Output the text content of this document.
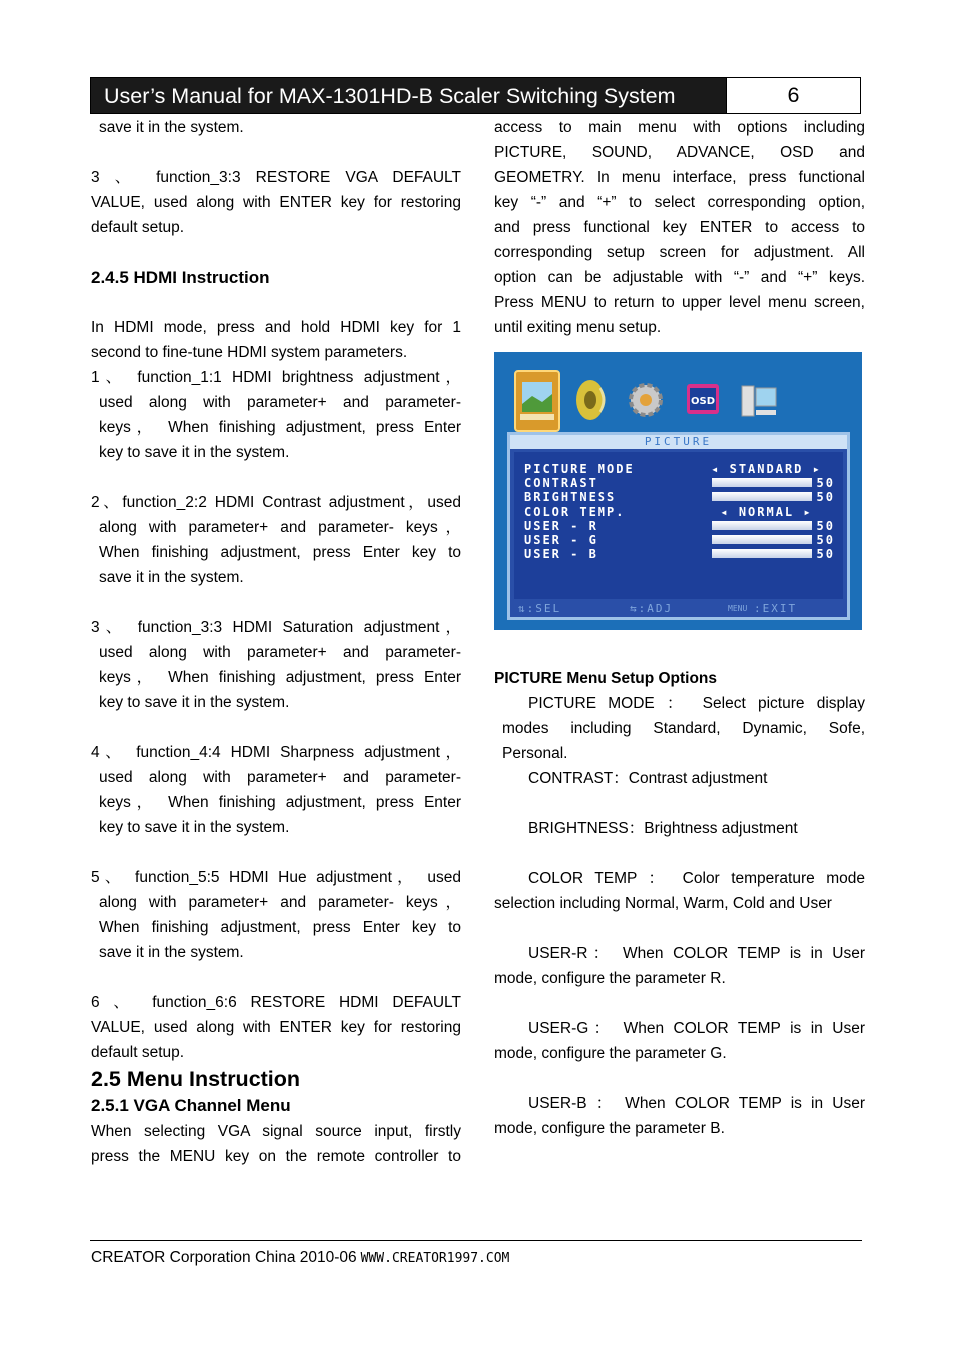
User’s Manual for MAX-1301HD-B Scaler Switching System	6

save it in the system.

3 、 function_3:3 RESTORE VGA DEFAULT

VALUE, used along with ENTER key for restoring

default setup.

2.4.5 HDMI Instruction

In HDMI mode, press and hold HDMI key for 1

second to fine-tune HDMI system parameters.

1、 function_1:1 HDMI brightness adjustment，

used along with parameter+ and parameter-

keys， When finishing adjustment, press Enter

key to save it in the system.

2、function_2:2 HDMI Contrast adjustment，used

along with parameter+ and parameter- keys，

When finishing adjustment, press Enter key to

save it in the system.

3、 function_3:3 HDMI Saturation adjustment，

used along with parameter+ and parameter-

keys， When finishing adjustment, press Enter

key to save it in the system.

4、 function_4:4 HDMI Sharpness adjustment，

used along with parameter+ and parameter-

keys， When finishing adjustment, press Enter

key to save it in the system.

5、 function_5:5 HDMI Hue adjustment， used

along with parameter+ and parameter- keys，

When finishing adjustment, press Enter key to

save it in the system.

6 、 function_6:6 RESTORE HDMI DEFAULT

VALUE, used along with ENTER key for restoring

default setup.

2.5 Menu Instruction

2.5.1 VGA Channel Menu

When selecting VGA signal source input, firstly

press the MENU key on the remote controller to

access to main menu with options including

PICTURE, SOUND, ADVANCE, OSD and

GEOMETRY. In menu interface, press functional

key “-” and “+” to select corresponding option,

and press functional key ENTER to access to

corresponding setup screen for adjustment. All

option can be adjustable with “-” and “+” keys.

Press MENU to return to upper level menu screen,

until exiting menu setup.

OSD
PICTURE
PICTURE MODE	◂ STANDARD ▸
CONTRAST	50
BRIGHTNESS	50
COLOR TEMP.	◂ NORMAL ▸
USER - R	50
USER - G	50
USER - B	50
⇅:SEL	⇆:ADJ	MENU :EXIT

PICTURE Menu Setup Options

PICTURE MODE ： Select picture display

modes including Standard, Dynamic, Sofe,

Personal.

CONTRAST：Contrast adjustment

BRIGHTNESS：Brightness adjustment

COLOR TEMP ： Color temperature mode

selection including Normal, Warm, Cold and User

USER-R： When COLOR TEMP is in User

mode, configure the parameter R.

USER-G： When COLOR TEMP is in User

mode, configure the parameter G.

USER-B ： When COLOR TEMP is in User

mode, configure the parameter B.

CREATOR Corporation China 2010-06 WWW.CREATOR1997.COM
